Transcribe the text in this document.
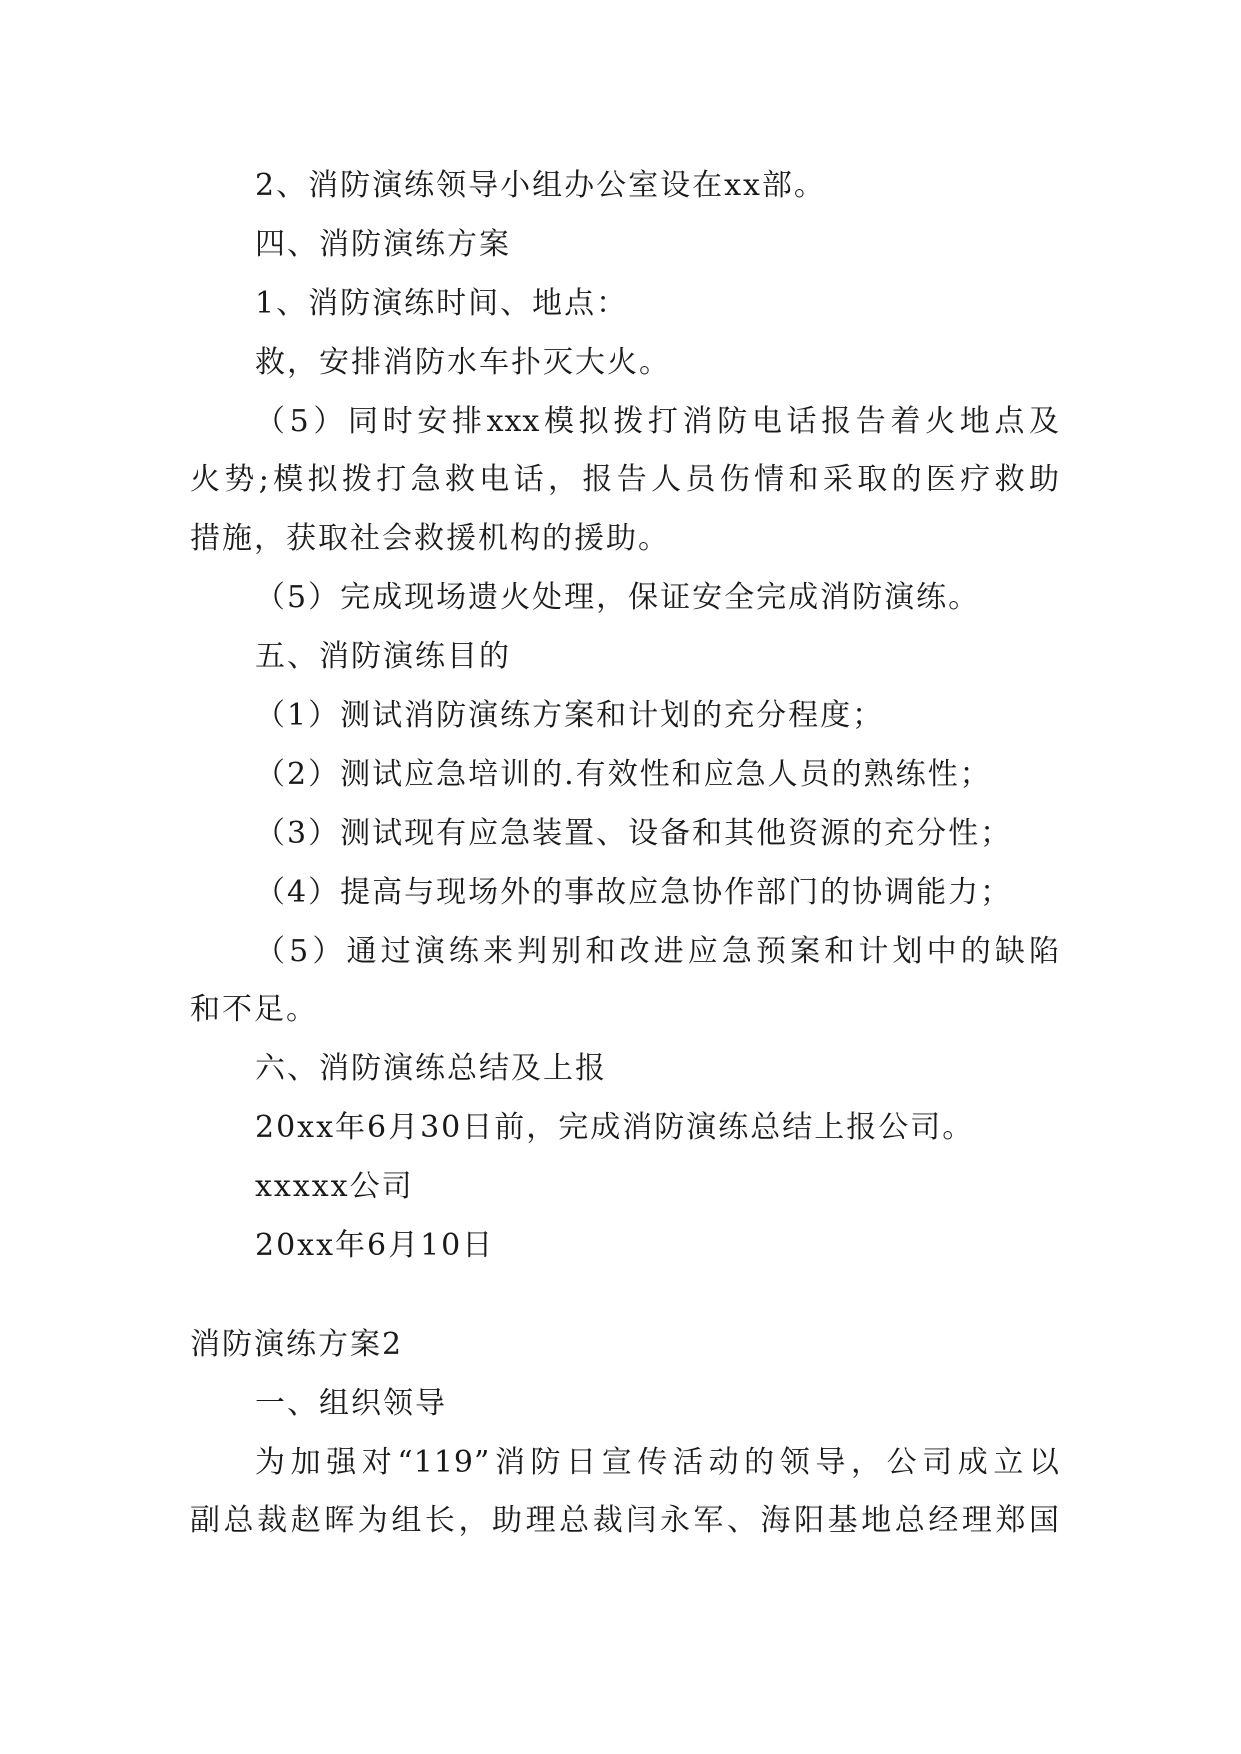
2、消防演练领导小组办公室设在xx部。
四、消防演练方案
1、消防演练时间、地点：
救，安排消防水车扑灭大火。
（5）同时安排xxx模拟拨打消防电话报告着火地点及
火势;模拟拨打急救电话，报告人员伤情和采取的医疗救助
措施，获取社会救援机构的援助。
（5）完成现场遗火处理，保证安全完成消防演练。
五、消防演练目的
（1）测试消防演练方案和计划的充分程度；
（2）测试应急培训的.有效性和应急人员的熟练性；
（3）测试现有应急装置、设备和其他资源的充分性；
（4）提高与现场外的事故应急协作部门的协调能力；
（5）通过演练来判别和改进应急预案和计划中的缺陷
和不足。
六、消防演练总结及上报
20xx年6月30日前，完成消防演练总结上报公司。
xxxxx公司
20xx年6月10日
消防演练方案2
一、组织领导
为加强对“119”消防日宣传活动的领导，公司成立以
副总裁赵晖为组长，助理总裁闫永军、海阳基地总经理郑国
